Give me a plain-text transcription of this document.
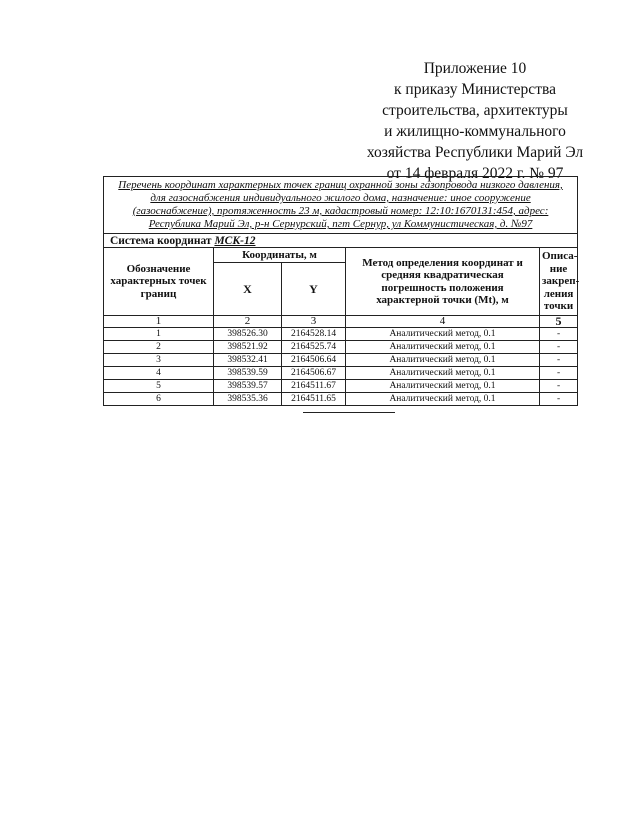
Приложение 10
к приказу Министерства
строительства, архитектуры
и жилищно-коммунального
хозяйства Республики Марий Эл
от 14 февраля 2022 г. № 97
Перечень координат характерных точек границ охранной зоны газопровода низкого давления,
для газоснабжения индивидуального жилого дома, назначение: иное сооружение
(газоснабжение), протяженность 23 м, кадастровый номер: 12:10:1670131:454, адрес:
Республика Марий Эл, р-н Сернурский, пгт Сернур, ул Коммунистическая, д. №97				

Система координат МСК-12				
Обозначение характерных точек границ	Координаты, м		Метод определения координат и средняя квадратическая погрешность положения характерной точки (Mt), м	Описа-ние закреп-ления точки
	X	Y		
1	2	3	4	5
1	398526.30	2164528.14	Аналитический метод, 0.1	-
2	398521.92	2164525.74	Аналитический метод, 0.1	-
3	398532.41	2164506.64	Аналитический метод, 0.1	-
4	398539.59	2164506.67	Аналитический метод, 0.1	-
5	398539.57	2164511.67	Аналитический метод, 0.1	-
6	398535.36	2164511.65	Аналитический метод, 0.1	-
